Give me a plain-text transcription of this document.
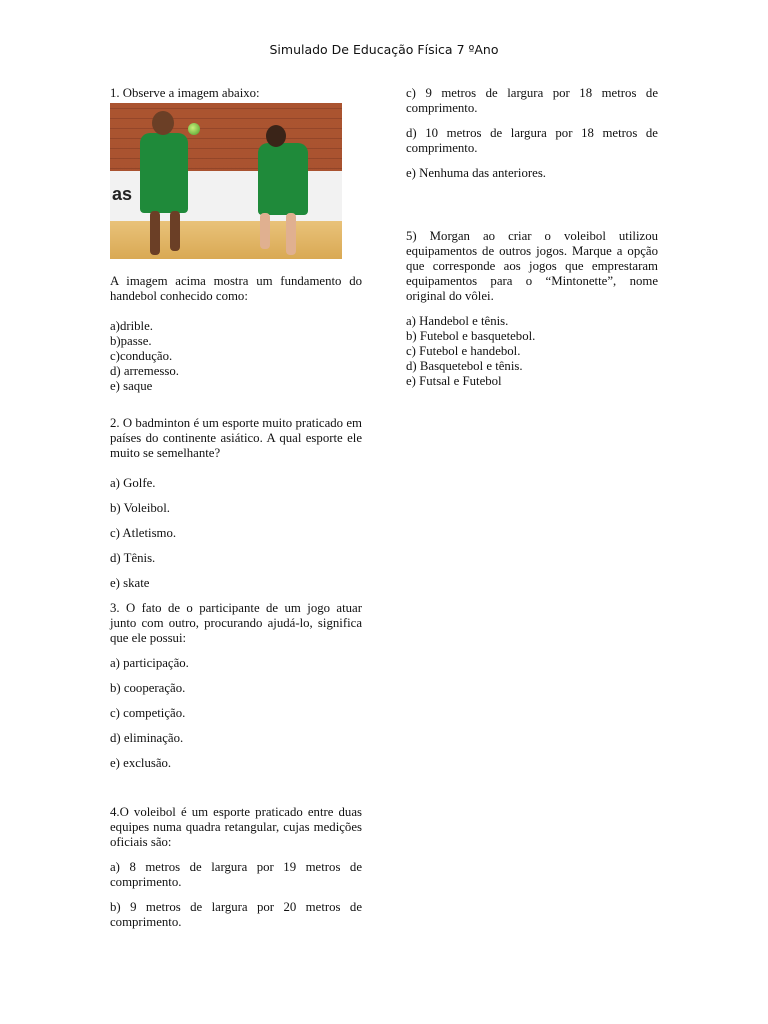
Simulado De Educação Física 7 ºAno

1. Observe a imagem abaixo:

as

A imagem acima mostra um fundamento do handebol conhecido como:

a)drible.

b)passe.

c)condução.

d) arremesso.

e) saque

2. O badminton é um esporte muito praticado em países do continente asiático. A qual esporte ele muito se semelhante?

a) Golfe.

b) Voleibol.

c) Atletismo.

d) Tênis.

e) skate

3. O fato de o participante de um jogo atuar junto com outro, procurando ajudá-lo, significa que ele possui:

a) participação.

b) cooperação.

c) competição.

d) eliminação.

e) exclusão.

4.O voleibol é um esporte praticado entre duas equipes numa quadra retangular, cujas medições oficiais são:

a) 8 metros de largura por 19 metros de comprimento.

b) 9 metros de largura por 20 metros de comprimento.

c) 9 metros de largura por 18 metros de comprimento.

d) 10 metros de largura por 18 metros de comprimento.

e) Nenhuma das anteriores.

5) Morgan ao criar o voleibol utilizou equipamentos de outros jogos. Marque a opção que corresponde aos jogos que emprestaram equipamentos para o “Mintonette”, nome original do vôlei.

a) Handebol e tênis.

b) Futebol e basquetebol.

c) Futebol e handebol.

d) Basquetebol e tênis.

e) Futsal e Futebol
